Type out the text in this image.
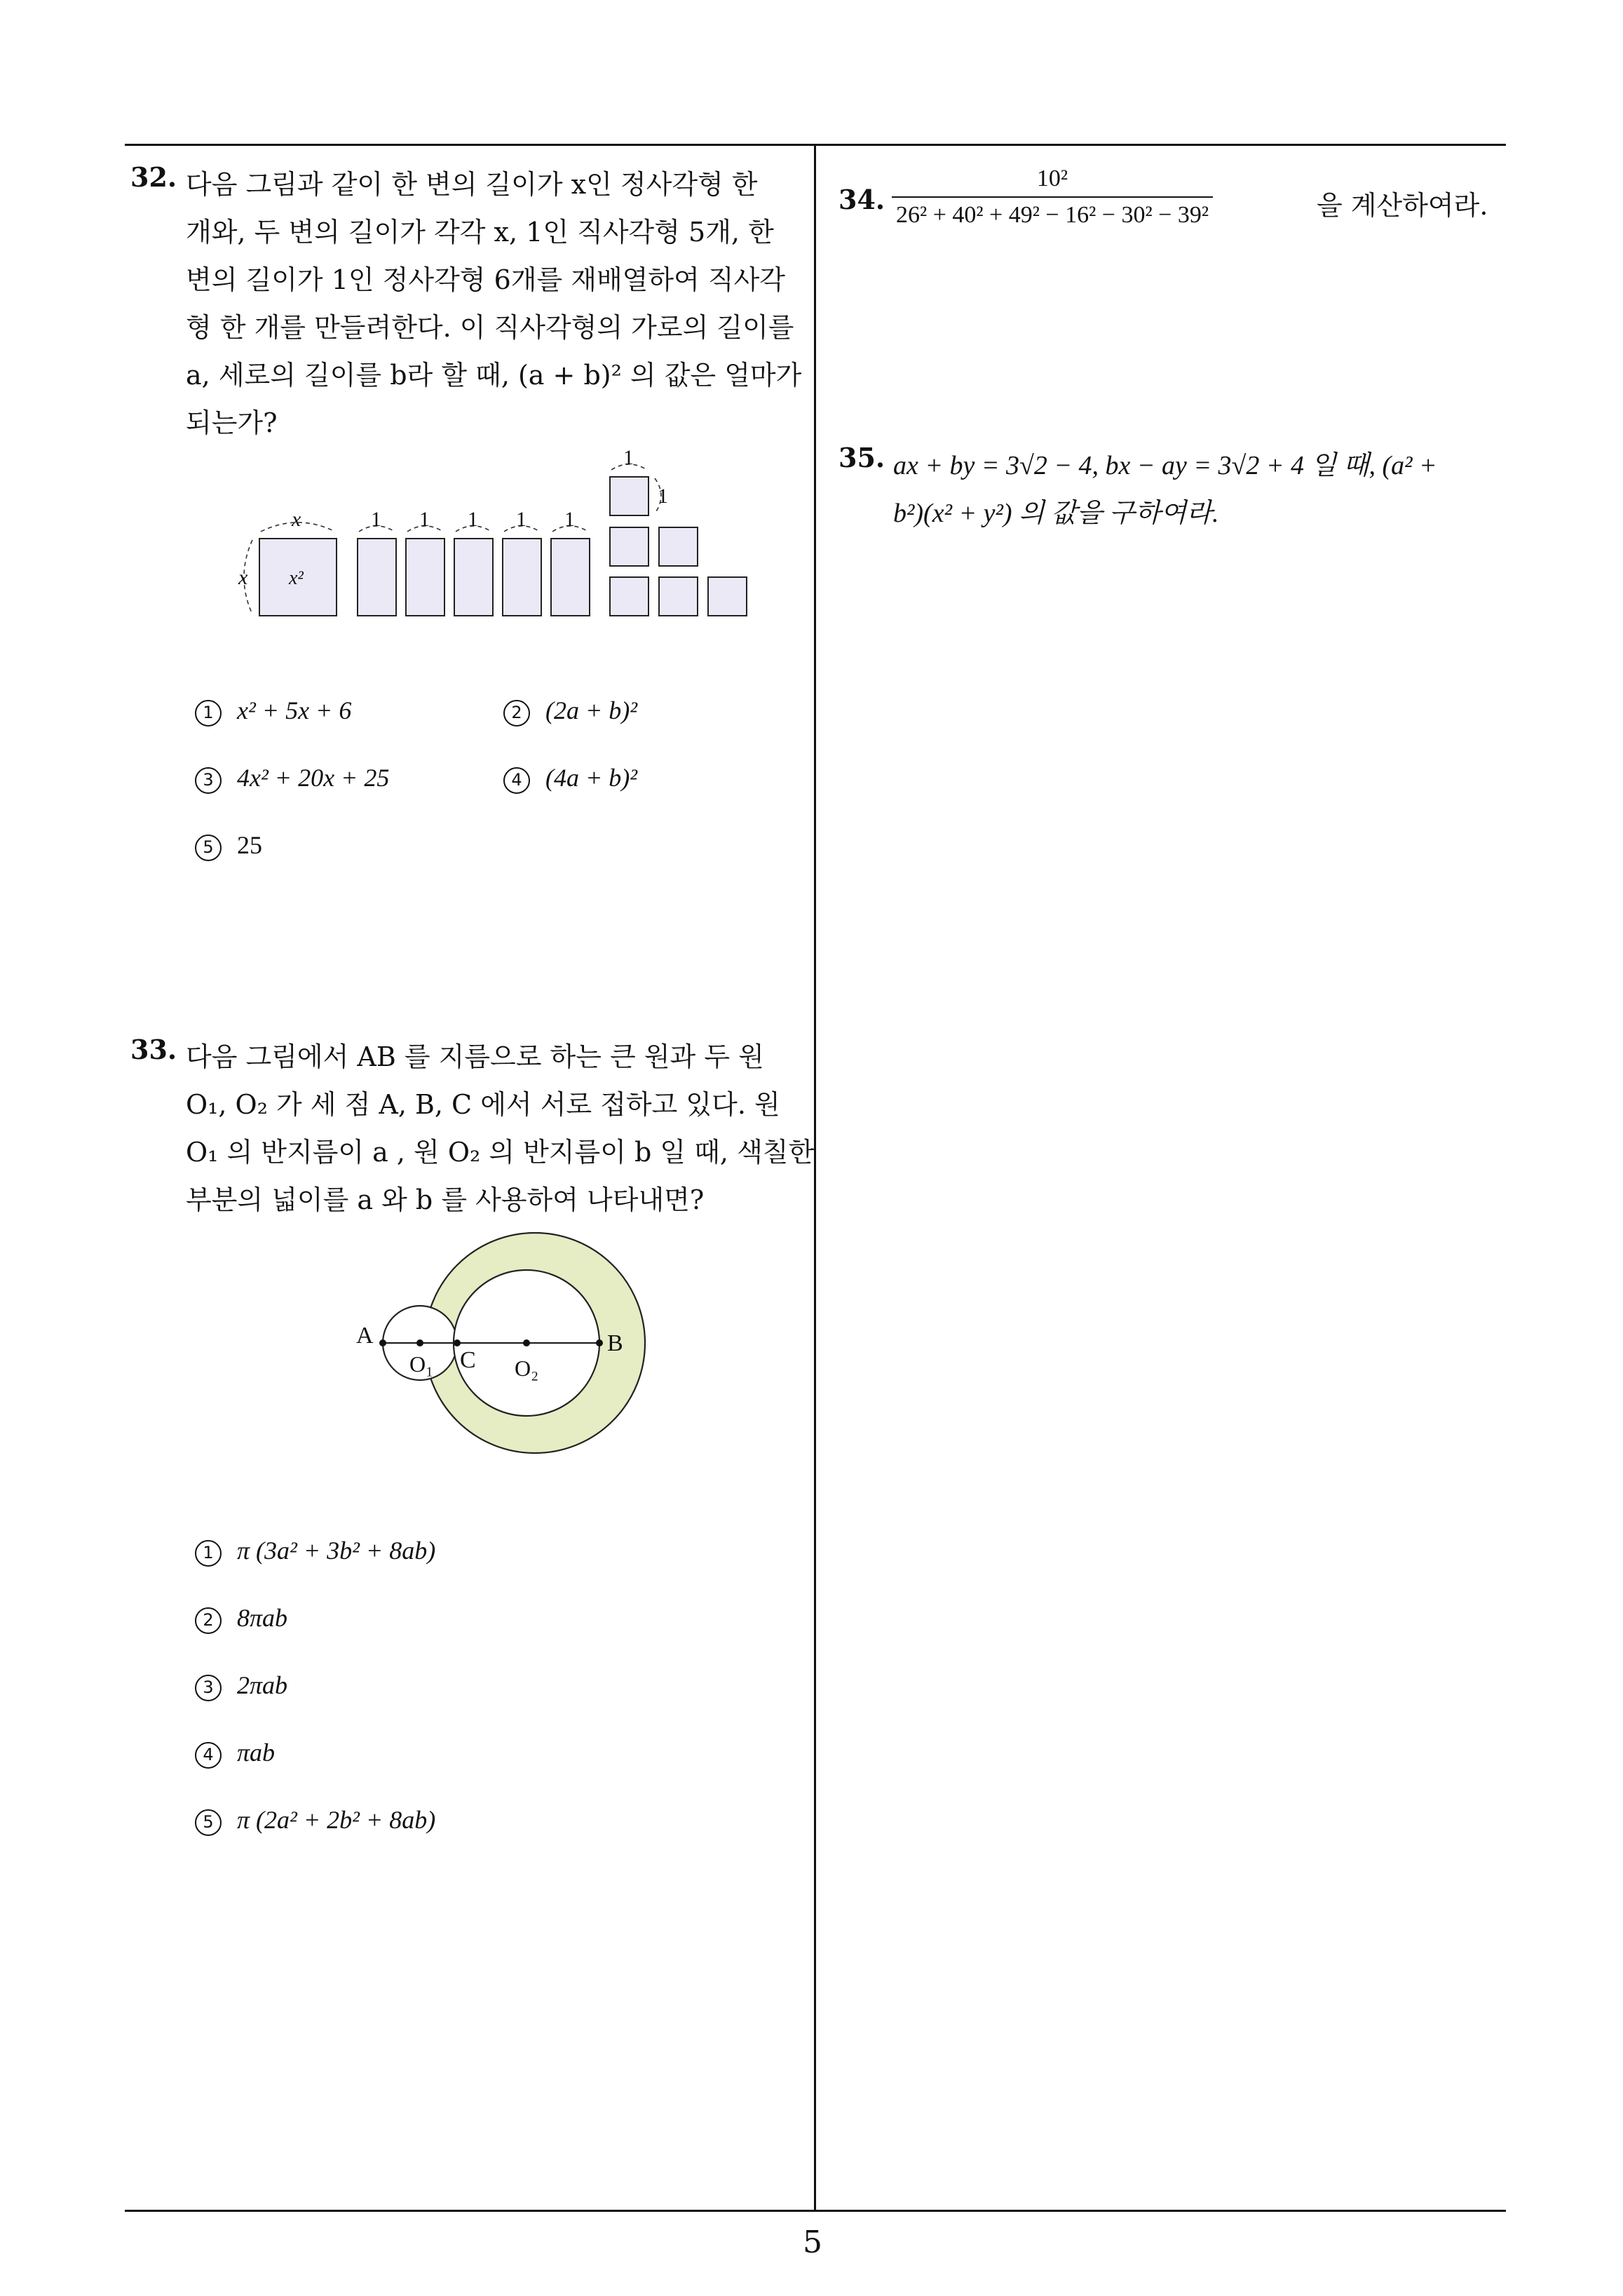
32. 다음 그림과 같이 한 변의 길이가 x인 정사각형 한
개와, 두 변의 길이가 각각 x, 1인 직사각형 5개, 한
변의 길이가 1인 정사각형 6개를 재배열하여 직사각
형 한 개를 만들려한다. 이 직사각형의 가로의 길이를
a, 세로의 길이를 b라 할 때, (a + b)² 의 값은 얼마가
되는가?
x
x x²
1 1 1 1 1
1
1
1 x² + 5x + 6	2 (2a + b)²
3 4x² + 20x + 25	4 (4a + b)²
5 25
33. 다음 그림에서 AB 를 지름으로 하는 큰 원과 두 원
O₁, O₂ 가 세 점 A, B, C 에서 서로 접하고 있다. 원
O₁ 의 반지름이 a , 원 O₂ 의 반지름이 b 일 때, 색칠한
부분의 넓이를 a 와 b 를 사용하여 나타내면?
A	B
C
O₁	O₂
1 π (3a² + 3b² + 8ab)
2 8πab
3 2πab
4 πab
5 π (2a² + 2b² + 8ab)
34. $\frac{\text{10²}}{\text{26² + 40² + 49² − 16² − 30² − 39²}}$	을 계산하여라.
35. ax + by = 3√2 − 4, bx − ay = 3√2 + 4 일 때, (a² +
b²)(x² + y²) 의 값을 구하여라.
5
